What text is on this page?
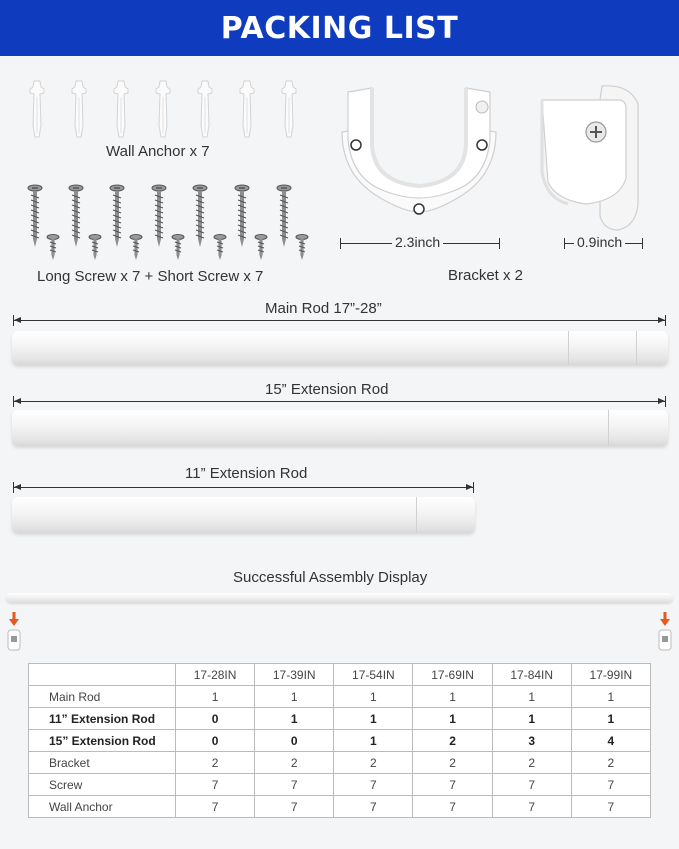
PACKING LIST
Wall Anchor x 7
Long Screw x 7 + Short Screw x 7
2.3inch	0.9inch
Bracket x 2
Main Rod 17”-28”
15” Extension Rod
11” Extension Rod
Successful Assembly Display
	17-28IN	17-39IN	17-54IN	17-69IN	17-84IN	17-99IN
Main Rod	1	1	1	1	1	1
11” Extension Rod	0	1	1	1	1	1
15” Extension Rod	0	0	1	2	3	4
Bracket	2	2	2	2	2	2
Screw	7	7	7	7	7	7
Wall Anchor	7	7	7	7	7	7
